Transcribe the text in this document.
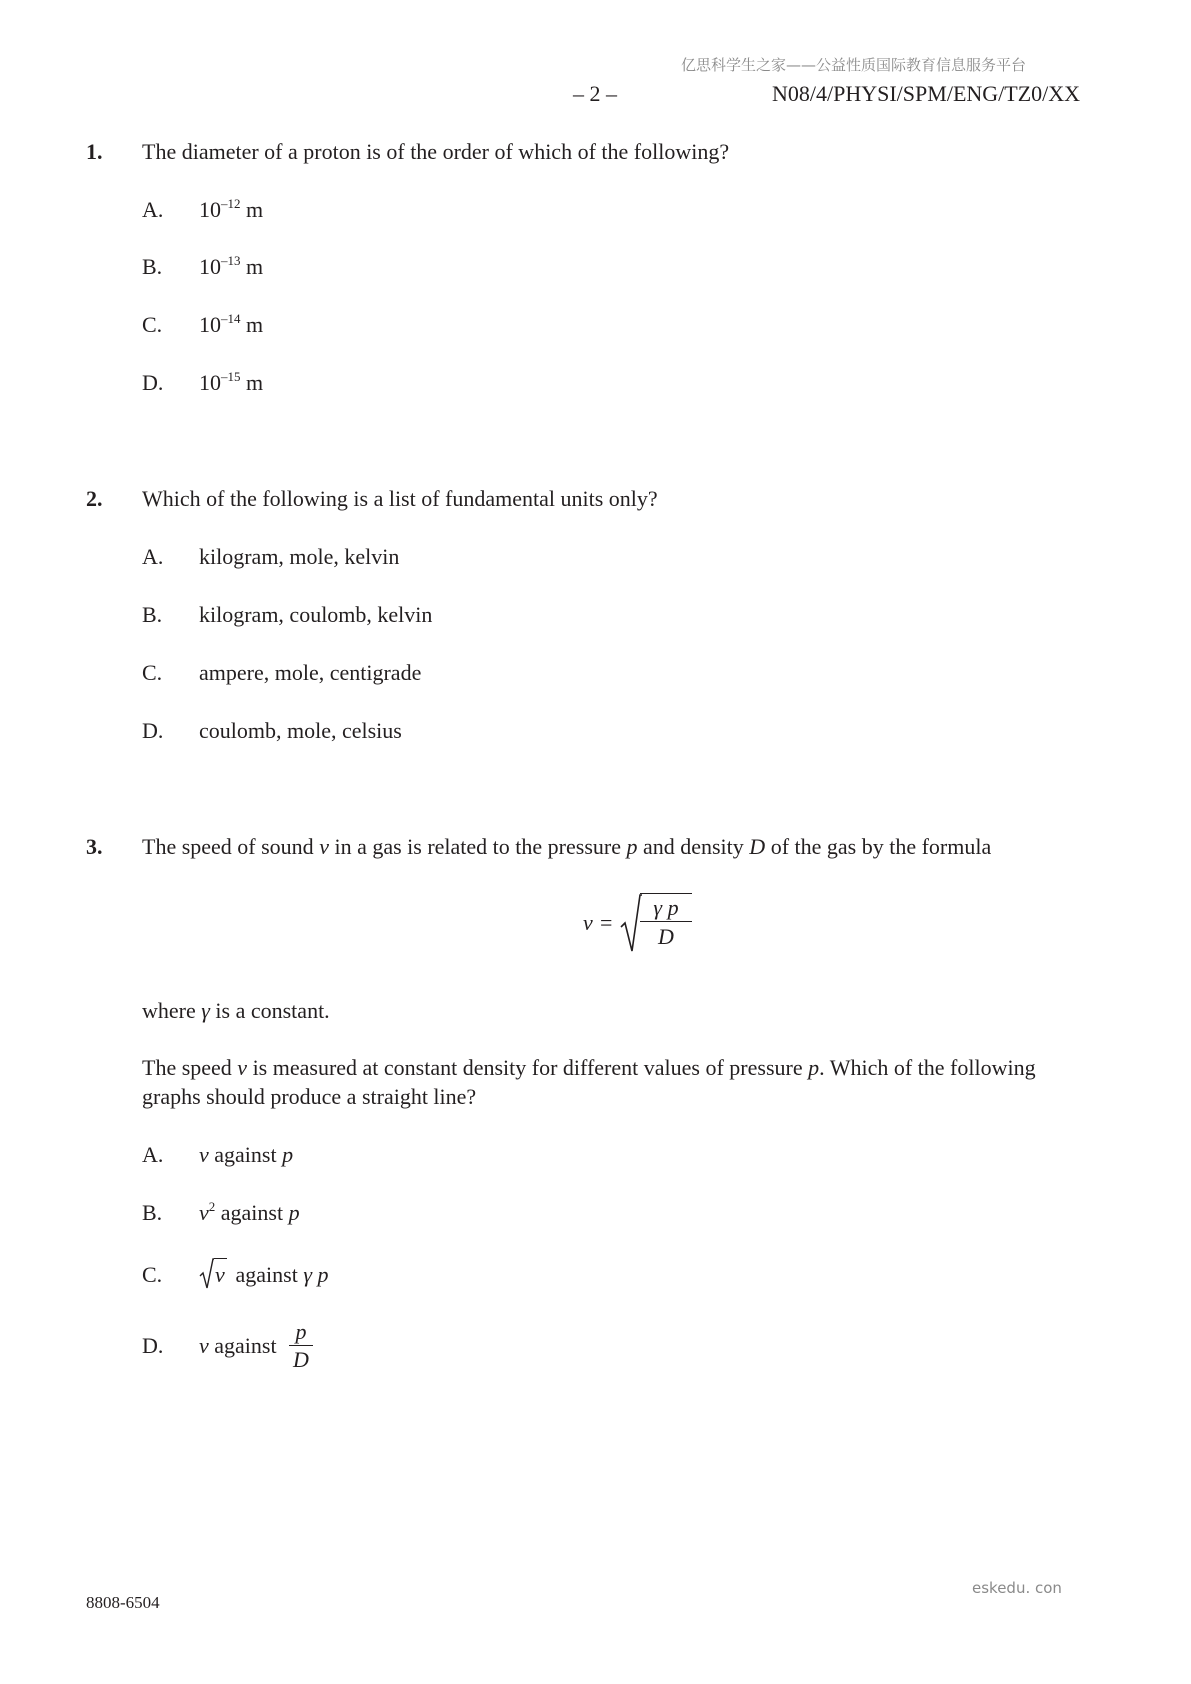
亿思科学生之家——公益性质国际教育信息服务平台
– 2 –	N08/4/PHYSI/SPM/ENG/TZ0/XX
1. The diameter of a proton is of the order of which of the following?
A. $10^{-12}$ m
B. $10^{-13}$ m
C. $10^{-14}$ m
D. $10^{-15}$ m
2. Which of the following is a list of fundamental units only?
A. kilogram, mole, kelvin
B. kilogram, coulomb, kelvin
C. ampere, mole, centigrade
D. coulomb, mole, celsius
3. The speed of sound v in a gas is related to the pressure p and density D of the gas by the formula
$v = \frac{\text{γ p}}{D}$
where γ is a constant.
The speed v is measured at constant density for different values of pressure p. Which of the following
graphs should produce a straight line?
A. v against p
B. $v^2$ against p
C. v against γ p
D. v against $\frac{p}{D}$
eskedu. con
8808-6504
